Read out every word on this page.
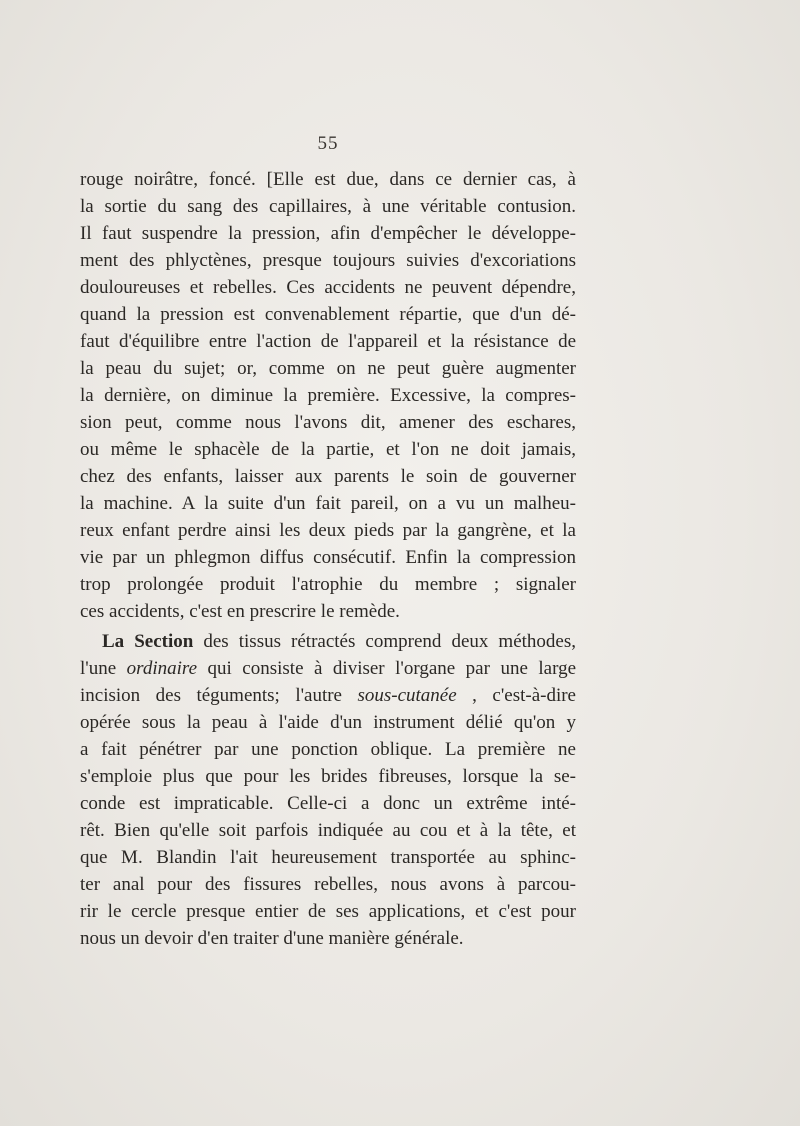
55
rouge noirâtre, foncé. [Elle est due, dans ce dernier cas, à
la sortie du sang des capillaires, à une véritable contusion.
Il faut suspendre la pression, afin d'empêcher le développe-
ment des phlyctènes, presque toujours suivies d'excoriations
douloureuses et rebelles. Ces accidents ne peuvent dépendre,
quand la pression est convenablement répartie, que d'un dé-
faut d'équilibre entre l'action de l'appareil et la résistance de
la peau du sujet; or, comme on ne peut guère augmenter
la dernière, on diminue la première. Excessive, la compres-
sion peut, comme nous l'avons dit, amener des eschares,
ou même le sphacèle de la partie, et l'on ne doit jamais,
chez des enfants, laisser aux parents le soin de gouverner
la machine. A la suite d'un fait pareil, on a vu un malheu-
reux enfant perdre ainsi les deux pieds par la gangrène, et la
vie par un phlegmon diffus consécutif. Enfin la compression
trop prolongée produit l'atrophie du membre ; signaler
ces accidents, c'est en prescrire le remède.
La Section des tissus rétractés comprend deux méthodes,
l'une ordinaire qui consiste à diviser l'organe par une large
incision des téguments; l'autre sous-cutanée , c'est-à-dire
opérée sous la peau à l'aide d'un instrument délié qu'on y
a fait pénétrer par une ponction oblique. La première ne
s'emploie plus que pour les brides fibreuses, lorsque la se-
conde est impraticable. Celle-ci a donc un extrême inté-
rêt. Bien qu'elle soit parfois indiquée au cou et à la tête, et
que M. Blandin l'ait heureusement transportée au sphinc-
ter anal pour des fissures rebelles, nous avons à parcou-
rir le cercle presque entier de ses applications, et c'est pour
nous un devoir d'en traiter d'une manière générale.
